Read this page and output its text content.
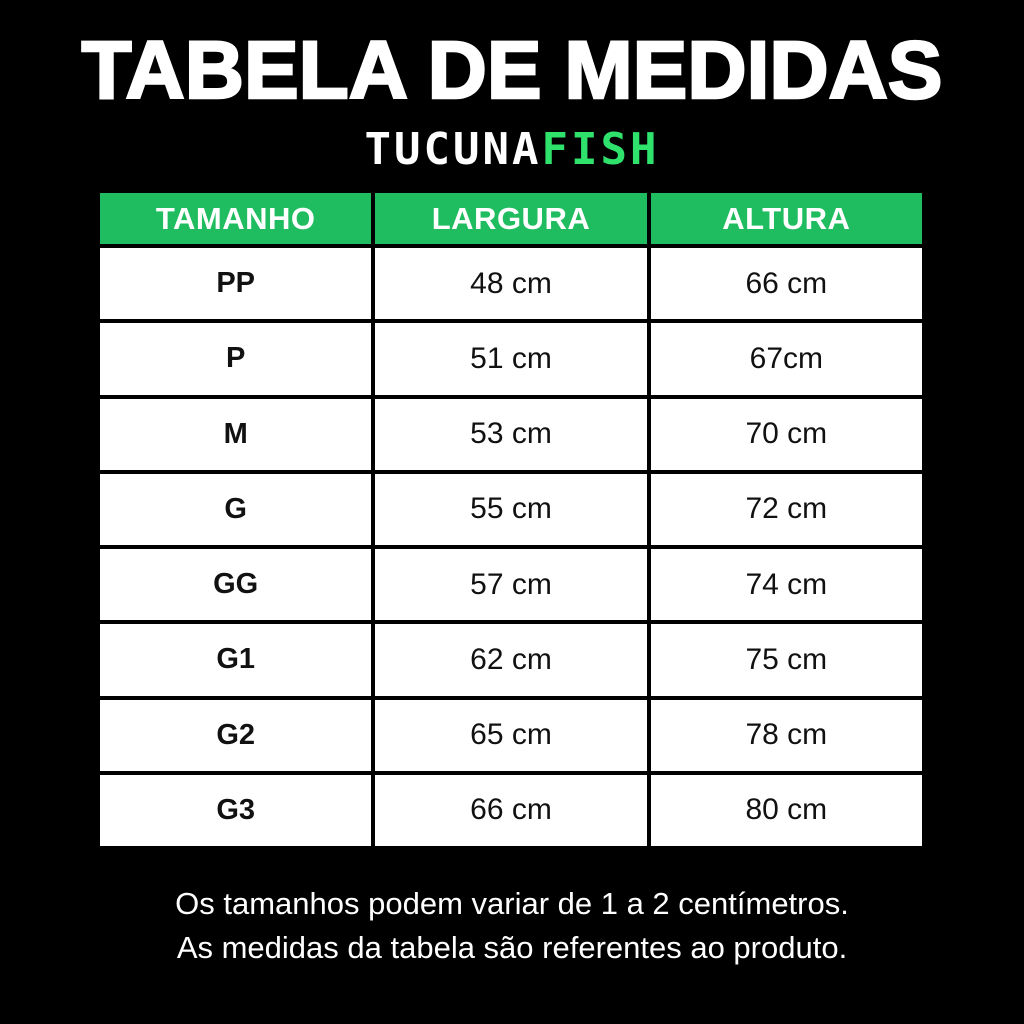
TABELA DE MEDIDAS
TUCUNAFISH
TAMANHO	LARGURA	ALTURA
PP	48 cm	66 cm
P	51 cm	67cm
M	53 cm	70 cm
G	55 cm	72 cm
GG	57 cm	74 cm
G1	62 cm	75 cm
G2	65 cm	78 cm
G3	66 cm	80 cm
Os tamanhos podem variar de 1 a 2 centímetros.
As medidas da tabela são referentes ao produto.
